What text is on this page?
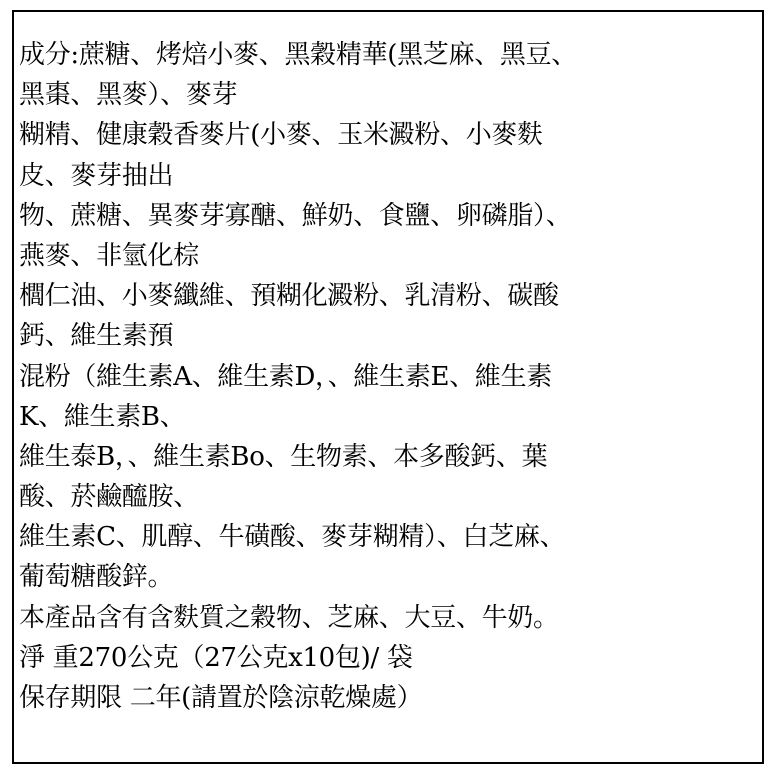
成分:蔗糖、烤焙小麥、黑穀精華(黑芝麻、黑豆、
黑棗、黑麥）、麥芽
糊精、健康穀香麥片(小麥、玉米澱粉、小麥麩
皮、麥芽抽出
物、蔗糖、異麥芽寡醣、鮮奶、食鹽、卵磷脂）、
燕麥、非氫化棕
櫚仁油、小麥纖維、預糊化澱粉、乳清粉、碳酸
鈣、維生素預
混粉（維生素A、維生素D，、維生素E、維生素
K、維生素B、
維生泰B，、維生素Bo、生物素、本多酸鈣、葉
酸、菸鹼醯胺、
維生素C、肌醇、牛磺酸、麥芽糊精）、白芝麻、
葡萄糖酸鋅。
本產品含有含麩質之穀物、芝麻、大豆、牛奶。
淨 重270公克（27公克x10包)/ 袋
保存期限 二年(請置於陰涼乾燥處）
